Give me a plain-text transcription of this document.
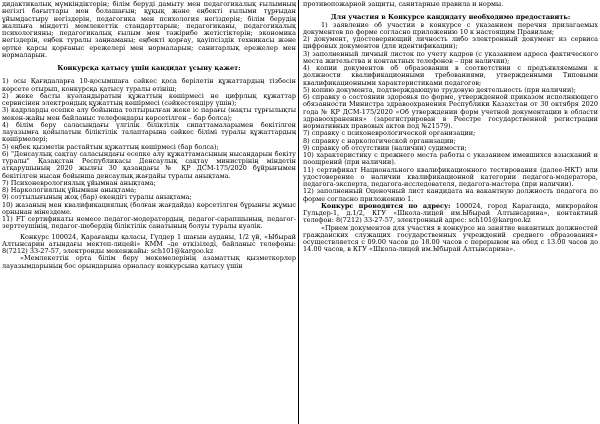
дидактикалық мүмкіндіктерін; білім беруді дамыту мен педагогикалық ғылымның негізгі бағыттары мен болашағын; құқық және еңбекті ғылыми тұрғыдан ұйымдастыру негіздерін, педагогика мен психология негіздерін; білім берудің жалпыға міндетті мемлекеттік стандарттарын; педагогиканы, педагогикалық психологияны; педагогикалық ғылым мен тәжірибе жетістіктерін; экономика негіздерін, еңбек туралы заңнаманы; еңбекті қорғау, қауіпсіздік техникасы және өртке қарсы қорғаныс ережелері мен нормаларын; санитарлық ережелер мен нормаларын.

Конкурсқа қатысу үшін кандидат ұсыну қажет:

1) осы Қағидаларға 10-қосымшаға сәйкес қоса берілетін құжаттардың тізбесін көрсете отырып, конкурсқа қатысу туралы өтініш;

2) жеке басты куәландыратын құжаттың көшірмесі не цифрлық құжаттар сервисінен электрондық құжаттың көшірмесі (сәйкестендіру үшін);

3) кадрларды есепке алу бойынша толтырылған жеке іс парағы (нақты тұрғылықты мекен-жайы мен байланыс телефондары көрсетілген – бар болса);

4) білім беру саласындағы үлгілік біліктілік сипаттамаларымен бекітілген лауазымға қойылатын біліктілік талаптарына сәйкес білімі туралы құжаттардың көшірмелері;

5) еңбек қызметін растайтын құжаттың көшірмесі (бар болса);

6) "Денсаулық сақтау саласындағы есепке алу құжаттамасының нысандарын бекіту туралы" Қазақстан Республикасы Денсаулық сақтау министрінің міндетін атқарушының 2020 жылғы 30 қазандағы № ҚР ДСМ-175/2020 бұйрығымен бекітілген нысан бойынша денсаулық жағдайы туралы анықтама.

7) Психоневрологиялық ұйымнан анықтама;

8) Наркологиялық ұйымнан анықтама;

9) соттылығының жоқ (бар) екендігі туралы анықтама;

10) жазаның мен квалификациялық (болған жағдайда) көрсетілген бұрынғы жұмыс орнынан мінездеме.

11) FT сертификаты немесе педагог-модератордың, педагог-сарапшының, педагог-зерттеушінің, педагог-шебердің біліктілік санатының болуы туралы куәлік.

Конкурс 100024, Қарағанды қаласы, Гүлдер 1 шағын ауданы, 1/2 үй, «Ыбырай Алтынсарин атындағы мектеп-лицейі» КММ –де өткізіледі, байланыс телефоны: 8(7212) 33-27-57, электронды мекенжайы: sch101@kargoo.kz

«Мемлекеттік орта білім беру мекемелерінің азаматтық қызметкерлер лауазымдарының бос орындарына орналасу конкурсына қатысу үшін

противопожарной защиты, санитарные правила и нормы.

Для участия в Конкурсе кандидату необходимо предоставить:

1) заявление об участии в конкурсе с указанием перечня прилагаемых документов по форме согласно приложению 10 к настоящим Правилам;

2) документ, удостоверяющий личность либо электронный документ из сервиса цифровых документов (для идентификации);

3) заполненный личный листок по учету кадров (с указанием адреса фактического места жительства и контактных телефонов – при наличии);

4) копии документов об образовании в соответствии с предъявляемыми к должности квалификационными требованиями, утвержденными Типовыми квалификационными характеристиками педагогов;

5) копию документа, подтверждающую трудовую деятельность (при наличии);

6) справку о состоянии здоровья по форме, утвержденной приказом исполняющего обязанности Министра здравоохранения Республики Казахстан от 30 октября 2020 года № ҚР ДСМ-175/2020 «Об утверждении форм учетной документации в области здравоохранения» (зарегистрирован в Реестре государственной регистрации нормативных правовых актов под №21579).

7) справку с психоневрологической организации;

8) справку с наркологической организации;

9) справку об отсутствии (наличии) судимости;

10) характеристику с прежнего места работы с указанием имевшихся взысканий и поощрений (при наличии).

11) сертификат Национального квалификационного тестирования (далее-НКТ) или удостоверение о наличии квалификационной категории педагога-модератора, педагога-эксперта, педагога-исследователя, педагога-мастера (при наличии).

12) заполненный Оценочный лист кандидата на вакантную должность педагога по форме согласно приложению 1.

Конкурс проводится по адресу: 100024, город Караганда, микрорайон Гульдер-1, д.1/2, КГУ «Школа-лицей им.Ыбырай Алтынсарина», контактный телефон: 8(7212) 33-27-57, электронный адрес: sch101@kargoo.kz

«Прием документов для участия в конкурсе на занятие вакантных должностей гражданских служащих государственных учреждений среднего образования» осуществляется с 09.00 часов до 18.00 часов с перерывом на обед с 13.00 часов до 14.00 часов, в КГУ «Школа-лицей им.Ыбырай Алтынсарина».
